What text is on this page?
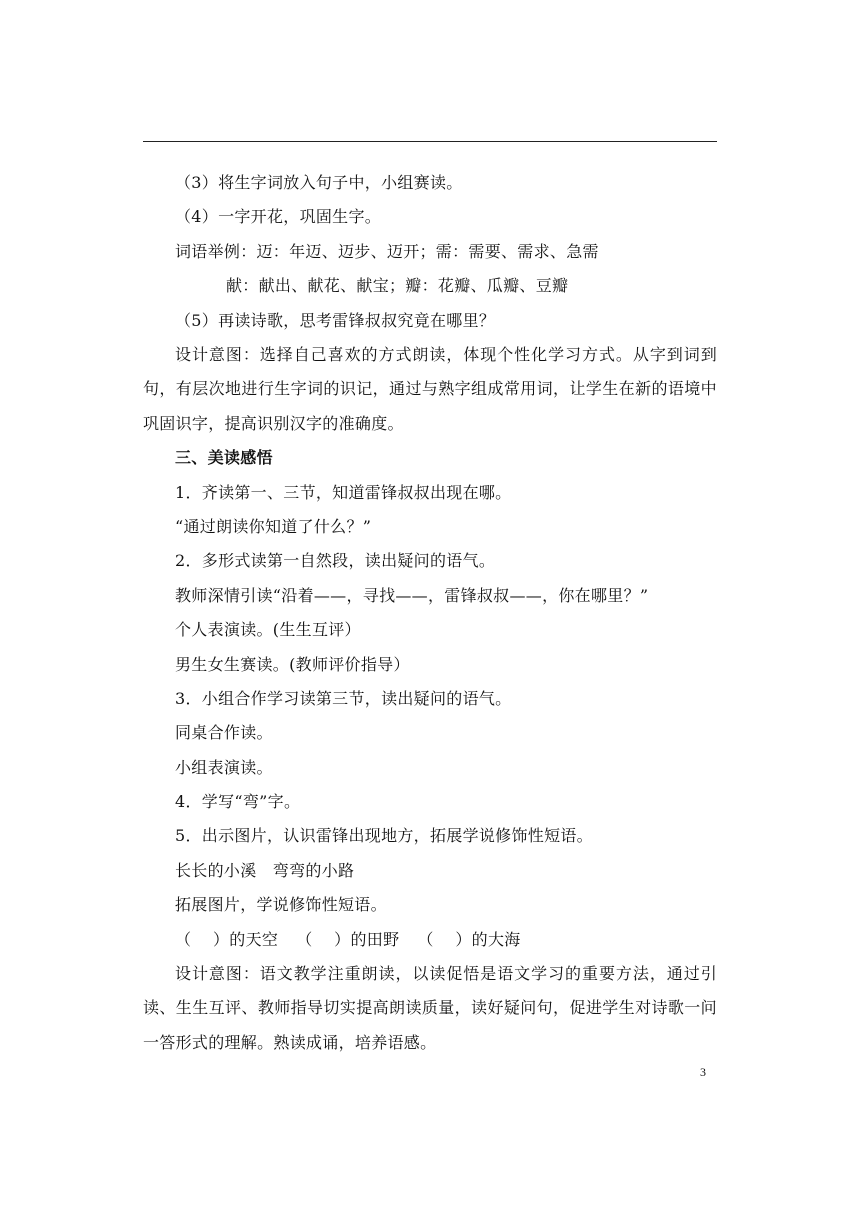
（3）将生字词放入句子中，小组赛读。
（4）一字开花，巩固生字。
词语举例：迈：年迈、迈步、迈开；需：需要、需求、急需
献：献出、献花、献宝；瓣：花瓣、瓜瓣、豆瓣
（5）再读诗歌，思考雷锋叔叔究竟在哪里？
设计意图：选择自己喜欢的方式朗读，体现个性化学习方式。从字到词到句，有层次地进行生字词的识记，通过与熟字组成常用词，让学生在新的语境中巩固识字，提高识别汉字的准确度。
三、美读感悟
1．齐读第一、三节，知道雷锋叔叔出现在哪。
“通过朗读你知道了什么？”
2．多形式读第一自然段，读出疑问的语气。
教师深情引读“沿着——，寻找——，雷锋叔叔——，你在哪里？”
个人表演读。(生生互评）
男生女生赛读。(教师评价指导）
3．小组合作学习读第三节，读出疑问的语气。
同桌合作读。
小组表演读。
4．学写“弯”字。
5．出示图片，认识雷锋出现地方，拓展学说修饰性短语。
长长的小溪　弯弯的小路
拓展图片，学说修饰性短语。
（　 ）的天空 （　 ）的田野 （　 ）的大海
设计意图：语文教学注重朗读，以读促悟是语文学习的重要方法，通过引读、生生互评、教师指导切实提高朗读质量，读好疑问句，促进学生对诗歌一问一答形式的理解。熟读成诵，培养语感。
3
